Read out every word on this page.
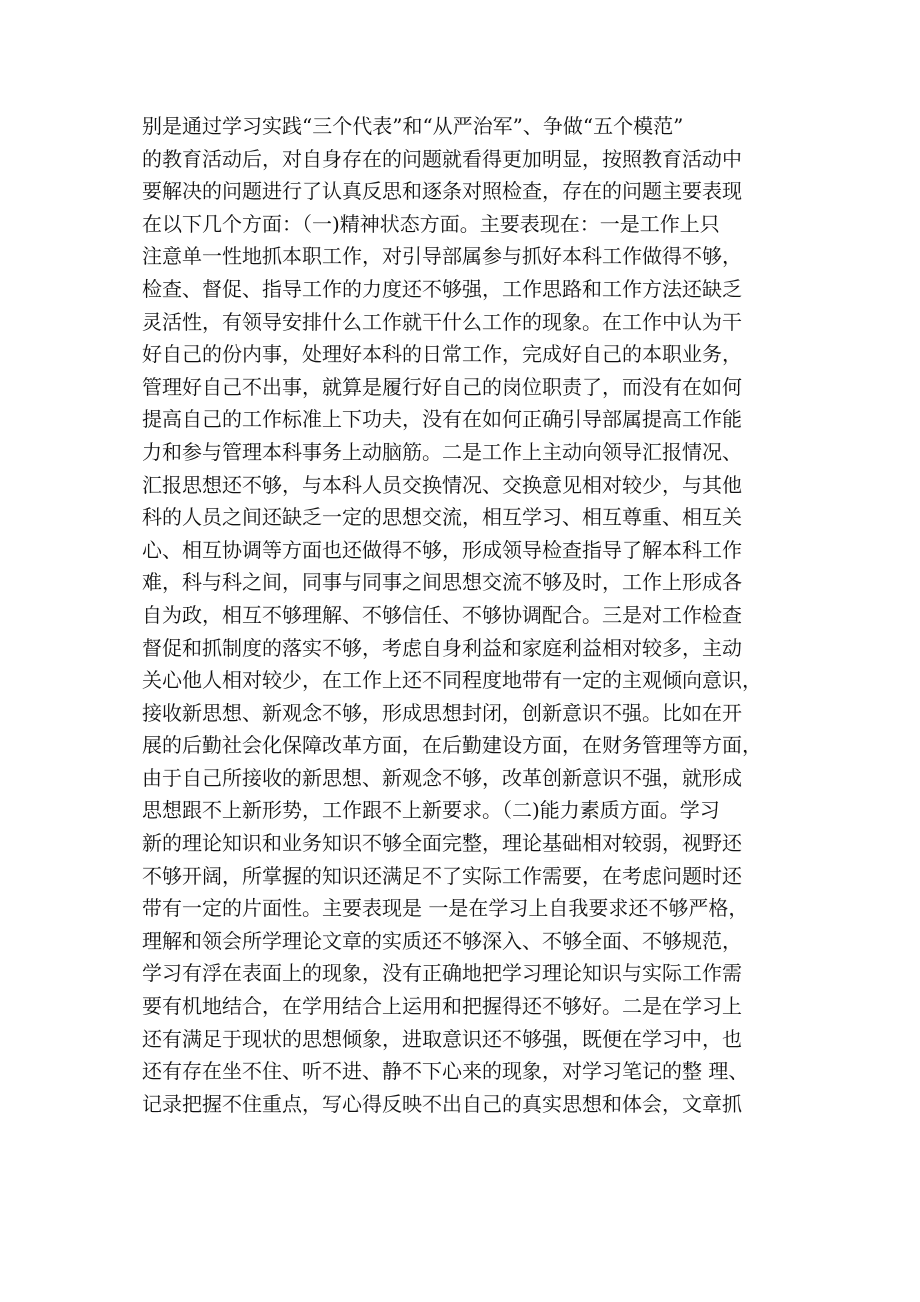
别是通过学习实践“三个代表”和“从严治军”、争做“五个模范”
的教育活动后，对自身存在的问题就看得更加明显，按照教育活动中
要解决的问题进行了认真反思和逐条对照检查，存在的问题主要表现
在以下几个方面：（一)精神状态方面。主要表现在：一是工作上只
注意单一性地抓本职工作，对引导部属参与抓好本科工作做得不够，
检查、督促、指导工作的力度还不够强，工作思路和工作方法还缺乏
灵活性，有领导安排什么工作就干什么工作的现象。在工作中认为干
好自己的份内事，处理好本科的日常工作，完成好自己的本职业务，
管理好自己不出事，就算是履行好自己的岗位职责了，而没有在如何
提高自己的工作标准上下功夫，没有在如何正确引导部属提高工作能
力和参与管理本科事务上动脑筋。二是工作上主动向领导汇报情况、
汇报思想还不够，与本科人员交换情况、交换意见相对较少，与其他
科的人员之间还缺乏一定的思想交流，相互学习、相互尊重、相互关
心、相互协调等方面也还做得不够，形成领导检查指导了解本科工作
难，科与科之间，同事与同事之间思想交流不够及时，工作上形成各
自为政，相互不够理解、不够信任、不够协调配合。三是对工作检查
督促和抓制度的落实不够，考虑自身利益和家庭利益相对较多，主动
关心他人相对较少，在工作上还不同程度地带有一定的主观倾向意识，
接收新思想、新观念不够，形成思想封闭，创新意识不强。比如在开
展的后勤社会化保障改革方面，在后勤建设方面，在财务管理等方面，
由于自己所接收的新思想、新观念不够，改革创新意识不强，就形成
思想跟不上新形势，工作跟不上新要求。（二)能力素质方面。学习
新的理论知识和业务知识不够全面完整，理论基础相对较弱，视野还
不够开阔，所掌握的知识还满足不了实际工作需要，在考虑问题时还
带有一定的片面性。主要表现是 一是在学习上自我要求还不够严格，
理解和领会所学理论文章的实质还不够深入、不够全面、不够规范，
学习有浮在表面上的现象，没有正确地把学习理论知识与实际工作需
要有机地结合，在学用结合上运用和把握得还不够好。二是在学习上
还有满足于现状的思想倾象，进取意识还不够强，既便在学习中，也
还有存在坐不住、听不进、静不下心来的现象，对学习笔记的整 理、
记录把握不住重点，写心得反映不出自己的真实思想和体会，文章抓
